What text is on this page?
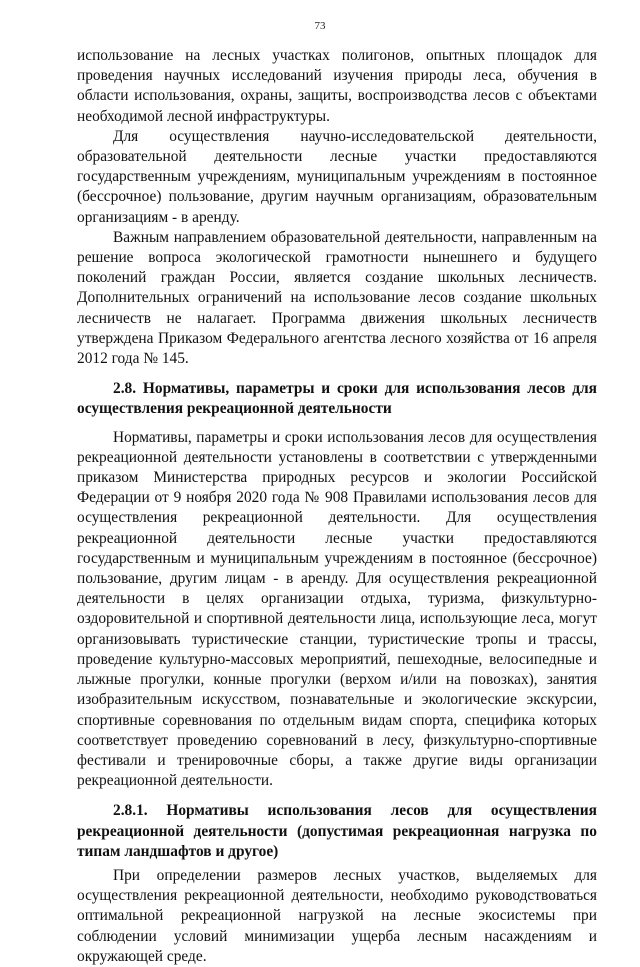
73

использование на лесных участках полигонов, опытных площадок для проведения научных исследований изучения природы леса, обучения в области использования, охраны, защиты, воспроизводства лесов с объектами необходимой лесной инфраструктуры.

Для осуществления научно-исследовательской деятельности, образовательной деятельности лесные участки предоставляются государственным учреждениям, муниципальным учреждениям в постоянное (бессрочное) пользование, другим научным организациям, образовательным организациям - в аренду.

Важным направлением образовательной деятельности, направленным на решение вопроса экологической грамотности нынешнего и будущего поколений граждан России, является создание школьных лесничеств. Дополнительных ограничений на использование лесов создание школьных лесничеств не налагает. Программа движения школьных лесничеств утверждена Приказом Федерального агентства лесного хозяйства от 16 апреля 2012 года № 145.

2.8. Нормативы, параметры и сроки для использования лесов для осуществления рекреационной деятельности

Нормативы, параметры и сроки использования лесов для осуществления рекреационной деятельности установлены в соответствии с утвержденными приказом Министерства природных ресурсов и экологии Российской Федерации от 9 ноября 2020 года № 908 Правилами использования лесов для осуществления рекреационной деятельности. Для осуществления рекреационной деятельности лесные участки предоставляются государственным и муниципальным учреждениям в постоянное (бессрочное) пользование, другим лицам - в аренду. Для осуществления рекреационной деятельности в целях организации отдыха, туризма, физкультурно-оздоровительной и спортивной деятельности лица, использующие леса, могут организовывать туристические станции, туристические тропы и трассы, проведение культурно-массовых мероприятий, пешеходные, велосипедные и лыжные прогулки, конные прогулки (верхом и/или на повозках), занятия изобразительным искусством, познавательные и экологические экскурсии, спортивные соревнования по отдельным видам спорта, специфика которых соответствует проведению соревнований в лесу, физкультурно-спортивные фестивали и тренировочные сборы, а также другие виды организации рекреационной деятельности.

2.8.1. Нормативы использования лесов для осуществления рекреационной деятельности (допустимая рекреационная нагрузка по типам ландшафтов и другое)

При определении размеров лесных участков, выделяемых для осуществления рекреационной деятельности, необходимо руководствоваться оптимальной рекреационной нагрузкой на лесные экосистемы при соблюдении условий минимизации ущерба лесным насаждениям и окружающей среде.
